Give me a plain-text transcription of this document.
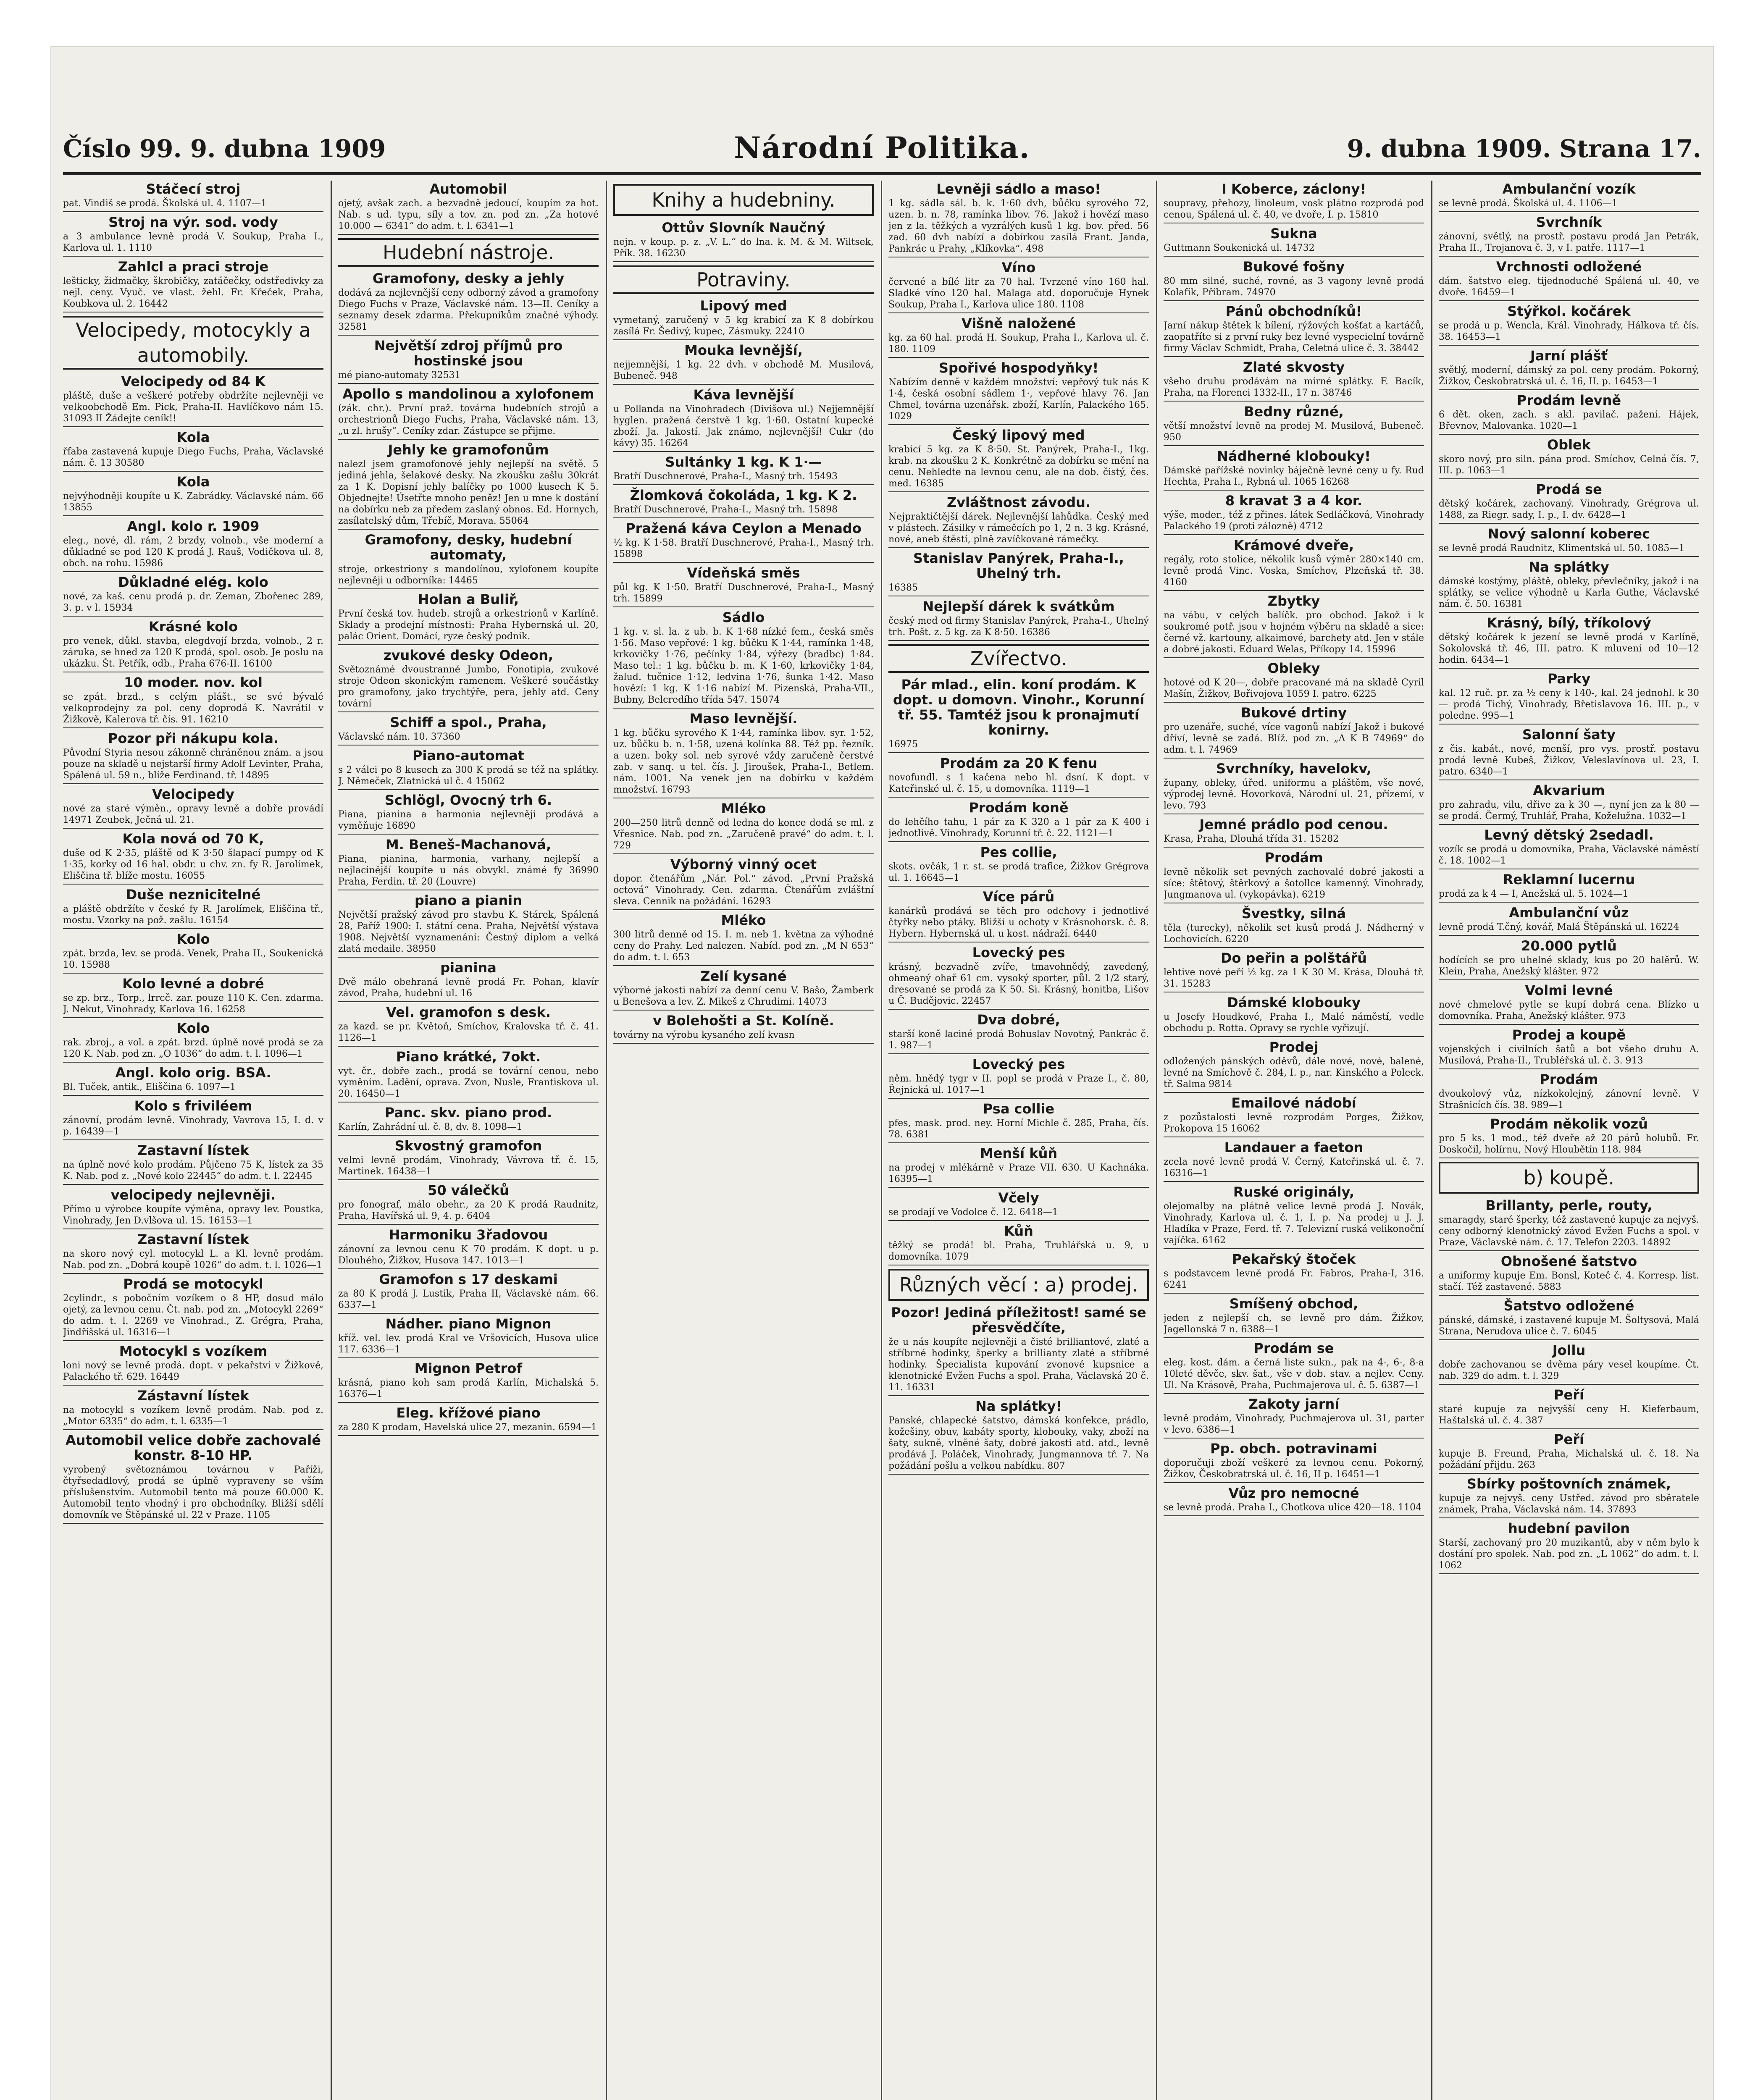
Číslo 99. 9. dubna 1909	Národní Politika.	9. dubna 1909. Strana 17.
Stáčecí stroj

pat. Vindiš se prodá. Školská ul. 4. 1107—1

Stroj na výr. sod. vody

a 3 ambulance levně prodá V. Soukup, Praha I., Karlova ul. 1. 1110

Zahlcl a praci stroje

lešticky, židmačky, škrobičky, zatáčečky, odstředivky za nejl. ceny. Vyuč. ve vlast. žehl. Fr. Křeček, Praha, Koubkova ul. 2. 16442

Velocipedy, motocykly a automobily.
Velocipedy od 84 K

pláště, duše a veškeré potřeby obdržíte nejlevněji ve velkoobchodě Em. Pick, Praha-II. Havlíčkovo nám 15. 31093 II Žádejte ceník!!

Kola

řfaba zastavená kupuje Diego Fuchs, Praha, Václavské nám. č. 13 30580

Kola

nejvýhodněji koupíte u K. Zabrádky. Václavské nám. 66 13855

Angl. kolo r. 1909

eleg., nové, dl. rám, 2 brzdy, volnob., vše moderní a důkladné se pod 120 K prodá J. Rauš, Vodičkova ul. 8, obch. na rohu. 15986

Důkladné elég. kolo

nové, za kaš. cenu prodá p. dr. Zeman, Zbořenec 289, 3. p. v l. 15934

Krásné kolo

pro venek, důkl. stavba, elegdvojí brzda, volnob., 2 r. záruka, se hned za 120 K prodá, spol. osob. Je poslu na ukázku. Št. Petřík, odb., Praha 676-II. 16100

10 moder. nov. kol

se zpát. brzd., s celým plášt., se své bývalé velkoprodejny za pol. ceny doprodá K. Navrátil v Žižkově, Kalerova tř. čís. 91. 16210

Pozor při nákupu kola.

Původní Styria nesou zákonně chráněnou znám. a jsou pouze na skladě u nejstarší firmy Adolf Levinter, Praha, Spálená ul. 59 n., blíže Ferdinand. tř. 14895

Velocipedy

nové za staré výměn., opravy levně a dobře provádí 14971 Zeubek, Ječná ul. 21.

Kola nová od 70 K,

duše od K 2·35, pláště od K 3·50 šlapací pumpy od K 1·35, korky od 16 hal. obdr. u chv. zn. fy R. Jarolímek, Eliščina tř. blíže mostu. 16055

Duše neznicitelné

a pláště obdržíte v české fy R. Jarolímek, Eliščina tř., mostu. Vzorky na pož. zašlu. 16154

Kolo

zpát. brzda, lev. se prodá. Venek, Praha II., Soukenická 10. 15988

Kolo levné a dobré

se zp. brz., Torp., lrrcč. zar. pouze 110 K. Cen. zdarma. J. Nekut, Vinohrady, Karlova 16. 16258

Kolo

rak. zbroj., a vol. a zpát. brzd. úplně nové prodá se za 120 K. Nab. pod zn. „O 1036“ do adm. t. l. 1096—1

Angl. kolo orig. BSA.

Bl. Tuček, antik., Eliščina 6. 1097—1

Kolo s friviléem

zánovní, prodám levně. Vinohrady, Vavrova 15, I. d. v p. 16439—1

Zastavní lístek

na úplně nové kolo prodám. Půjčeno 75 K, lístek za 35 K. Nab. pod z. „Nové kolo 22445“ do adm. t. l. 22445

velocipedy nejlevněji.

Přímo u výrobce koupíte výměna, opravy lev. Poustka, Vinohrady, Jen D.vlšova ul. 15. 16153—1

Zastavní lístek

na skoro nový cyl. motocykl L. a Kl. levně prodám. Nab. pod zn. „Dobrá koupě 1026“ do adm. t. l. 1026—1

Prodá se motocykl

2cylindr., s pobočním vozíkem o 8 HP, dosud málo ojetý, za levnou cenu. Čt. nab. pod zn. „Motocykl 2269“ do adm. t. l. 2269 ve Vinohrad., Z. Grégra, Praha, Jindřišská ul. 16316—1

Motocykl s vozíkem

loni nový se levně prodá. dopt. v pekařství v Žižkově, Palackého tř. 629. 16449

Zástavní lístek

na motocykl s vozíkem levně prodám. Nab. pod z. „Motor 6335“ do adm. t. l. 6335—1

Automobil velice dobře zachovalé konstr. 8-10 HP.

vyrobený světoznámou továrnou v Paříži, čtyřsedadlový, prodá se úplně vypraveny se vším příslušenstvím. Automobil tento má pouze 60.000 K. Automobil tento vhodný i pro obchodníky. Bližší sdělí domovník ve Štěpánské ul. 22 v Praze. 1105

Automobil

ojetý, avšak zach. a bezvadně jedoucí, koupím za hot. Nab. s ud. typu, síly a tov. zn. pod zn. „Za hotové 10.000 — 6341“ do adm. t. l. 6341—1

Hudební nástroje.
Gramofony, desky a jehly

dodává za nejlevnější ceny odborný závod a gramofony Diego Fuchs v Praze, Václavské nám. 13—II. Ceníky a seznamy desek zdarma. Překupníkům značné výhody. 32581

Největší zdroj příjmů pro hostinské jsou

mé piano-automaty 32531

Apollo s mandolinou a xylofonem

(zák. chr.). První praž. továrna hudebních strojů a orchestrionů Diego Fuchs, Praha, Václavské nám. 13, „u zl. hrušy“. Ceníky zdar. Zástupce se přijme.

Jehly ke gramofonům

nalezl jsem gramofonové jehly nejlepší na světě. 5 jediná jehla, šelakové desky. Na zkoušku zašlu 30krát za 1 K. Dopisní jehly balíčky po 1000 kusech K 5. Objednejte! Úsetřte mnoho peněz! Jen u mne k dostání na dobírku neb za předem zaslaný obnos. Ed. Hornych, zasílatelský dům, Třebíč, Morava. 55064

Gramofony, desky, hudební automaty,

stroje, orkestriony s mandolínou, xylofonem koupíte nejlevněji u odborníka: 14465

Holan a Buliř,

První česká tov. hudeb. strojů a orkestrionů v Karlíně. Sklady a prodejní místnosti: Praha Hybernská ul. 20, palác Orient. Domácí, ryze český podnik.

zvukové desky Odeon,

Světoznámé dvoustranné Jumbo, Fonotipia, zvukové stroje Odeon skonickým ramenem. Veškeré součástky pro gramofony, jako trychtýře, pera, jehly atd. Ceny tovární

Schiff a spol., Praha,

Václavské nám. 10. 37360

Piano-automat

s 2 válci po 8 kusech za 300 K prodá se též na splátky. J. Němeček, Zlatnická ul č. 4 15062

Schlögl, Ovocný trh 6.

Piana, pianina a harmonia nejlevněji prodává a vyměňuje 16890

M. Beneš-Machanová,

Piana, pianina, harmonia, varhany, nejlepší a nejlacinější koupíte u nás obvykl. známé fy 36990 Praha, Ferdin. tř. 20 (Louvre)

piano a pianin

Největší pražský závod pro stavbu K. Stárek, Spálená 28, Paříž 1900: I. státní cena. Praha, Největší výstava 1908. Největší vyznamenání: Čestný diplom a velká zlatá medaile. 38950

pianina

Dvě málo obehraná levně prodá Fr. Pohan, klavír závod, Praha, hudební ul. 16

Vel. gramofon s desk.

za kazd. se pr. Květoň, Smíchov, Kralovska tř. č. 41. 1126—1

Piano krátké, 7okt.

vyt. čr., dobře zach., prodá se tovární cenou, nebo vyměním. Ladění, oprava. Zvon, Nusle, Frantiskova ul. 20. 16450—1

Panc. skv. piano prod.

Karlín, Zahrádní ul. č. 8, dv. 8. 1098—1

Skvostný gramofon

velmi levně prodám, Vinohrady, Vávrova tř. č. 15, Martinek. 16438—1

50 válečků

pro fonograf, málo obehr., za 20 K prodá Raudnitz, Praha, Havířská ul. 9, 4. p. 6404

Harmoniku 3řadovou

zánovní za levnou cenu K 70 prodám. K dopt. u p. Dlouhého, Žižkov, Husova 147. 1013—1

Gramofon s 17 deskami

za 80 K prodá J. Lustik, Praha II, Václavské nám. 66. 6337—1

Nádher. piano Mignon

kříž. vel. lev. prodá Kral ve Vršovicích, Husova ulice 117. 6336—1

Mignon Petrof

krásná, piano koh sam prodá Karlín, Michalská 5. 16376—1

Eleg. křížové piano

za 280 K prodam, Havelská ulice 27, mezanin. 6594—1

Knihy a hudebniny.
Ottův Slovník Naučný

nejn. v koup. p. z. „V. L.“ do lna. k. M. & M. Wiltsek, Přík. 38. 16230

Potraviny.
Lipový med

vymetaný, zaručený v 5 kg krabicí za K 8 dobírkou zasílá Fr. Šedivý, kupec, Zásmuky. 22410

Mouka levnější,

nejjemnější, 1 kg. 22 dvh. v obchodě M. Musilová, Bubeneč. 948

Káva levnější

u Pollanda na Vinohradech (Divišova ul.) Nejjemnější hyglen. pražená čerstvě 1 kg. 1·60. Ostatní kupecké zboží. Ja. Jakostí. Jak známo, nejlevnější! Cukr (do kávy) 35. 16264

Sultánky 1 kg. K 1·—

Bratří Duschnerové, Praha-I., Masný trh. 15493

Žlomková čokoláda, 1 kg. K 2.

Bratří Duschnerové, Praha-I., Masný trh. 15898

Pražená káva Ceylon a Menado

½ kg. K 1·58. Bratří Duschnerové, Praha-I., Masný trh. 15898

Vídeňská směs

půl kg. K 1·50. Bratří Duschnerové, Praha-I., Masný trh. 15899

Sádlo

1 kg. v. sl. la. z ub. b. K 1·68 nízké fem., česká směs 1·56. Maso vepřové: 1 kg. bůčku K 1·44, ramínka 1·48, krkovičky 1·76, pečínky 1·84, výřezy (bradbc) 1·84. Maso tel.: 1 kg. bůčku b. m. K 1·60, krkovičky 1·84, žalud. tučnice 1·12, ledvina 1·76, šunka 1·42. Maso hovězí: 1 kg. K 1·16 nabízí M. Pizenská, Praha-VII., Bubny, Belcredího třída 547. 15074

Maso levnější.

1 kg. bůčku syrového K 1·44, ramínka libov. syr. 1·52, uz. bůčku b. n. 1·58, uzená kolínka 88. Též pp. řezník. a uzen. boky sol. neb syrové vždy zaručeně čerstvé zab. v sanq. u tel. čís. J. Jiroušek, Praha-I., Betlem. nám. 1001. Na venek jen na dobírku v každém množství. 16793

Mléko

200—250 litrů denně od ledna do konce dodá se ml. z Vřesnice. Nab. pod zn. „Zaručeně pravé“ do adm. t. l. 729

Výborný vinný ocet

dopor. čtenářům „Nár. Pol.“ závod. „První Pražská octová“ Vinohrady. Cen. zdarma. Čtenářům zvláštní sleva. Cennik na požádání. 16293

Mléko

300 litrů denně od 15. I. m. neb 1. května za výhodné ceny do Prahy. Led nalezen. Nabíd. pod zn. „M N 653“ do adm. t. l. 653

Zelí kysané

výborné jakosti nabízí za denní cenu V. Bašo, Žamberk u Benešova a lev. Z. Mikeš z Chrudimi. 14073

v Bolehošti a St. Kolíně.

továrny na výrobu kysaného zelí kvasn

Levněji sádlo a maso!

1 kg. sádla sál. b. k. 1·60 dvh, bůčku syrového 72, uzen. b. n. 78, ramínka libov. 76. Jakož i hovězí maso jen z la. těžkých a vyzrálých kusů 1 kg. bov. před. 56 zad. 60 dvh nabízí a dobírkou zasílá Frant. Janda, Pankrác u Prahy, „Klíkovka“. 498

Víno

červené a bílé litr za 70 hal. Tvrzené víno 160 hal. Sladké víno 120 hal. Malaga atd. doporučuje Hynek Soukup, Praha I., Karlova ulice 180. 1108

Višně naložené

kg. za 60 hal. prodá H. Soukup, Praha I., Karlova ul. č. 180. 1109

Spořivé hospodyňky!

Nabízím denně v každém množství: vepřový tuk nás K 1·4, česká osobní sádlem 1·, vepřové hlavy 76. Jan Chmel, továrna uzenářsk. zboží, Karlín, Palackého 165. 1029

Český lipový med

krabicí 5 kg. za K 8·50. St. Panýrek, Praha-I., 1kg. krab. na zkoušku 2 K. Konkrétně za dobírku se mění na cenu. Nehledte na levnou cenu, ale na dob. čistý, čes. med. 16385

Zvláštnost závodu.

Nejpraktičtější dárek. Nejlevnější lahůdka. Český med v plástech. Zásilky v rámečcích po 1, 2 n. 3 kg. Krásné, nové, aneb štěstí, plně zavíčkované rámečky.

Stanislav Panýrek, Praha-I., Uhelný trh.

16385

Nejlepší dárek k svátkům

český med od firmy Stanislav Panýrek, Praha-I., Uhelný trh. Pošt. z. 5 kg. za K 8·50. 16386

Zvířectvo.
Pár mlad., elin. koní prodám. K dopt. u domovn. Vinohr., Korunní tř. 55. Tamtéž jsou k pronajmutí konirny.

16975

Prodám za 20 K fenu

novofundl. s 1 kačena nebo hl. dsní. K dopt. v Kateřinské ul. č. 15, u domovníka. 1119—1

Prodám koně

do lehčího tahu, 1 pár za K 320 a 1 pár za K 400 i jednotlivě. Vinohrady, Korunní tř. č. 22. 1121—1

Pes collie,

skots. ovčák, 1 r. st. se prodá trafice, Žižkov Grégrova ul. 1. 16645—1

Více párů

kanárků prodává se těch pro odchovy i jednotlivé čtyřky nebo ptáky. Bližší u ochoty v Krásnohorsk. č. 8. Hybern. Hybernská ul. u kost. nádraží. 6440

Lovecký pes

krásný, bezvadně zvíře, tmavohnědý, zavedený, ohmeaný ohař 61 cm. vysoký sporter, půl. 2 1/2 starý, dresované se prodá za K 50. Si. Krásný, honitba, Lišov u Č. Budějovic. 22457

Dva dobré,

starší koně laciné prodá Bohuslav Novotný, Pankrác č. 1. 987—1

Lovecký pes

něm. hnědý tygr v II. popl se prodá v Praze I., č. 80, Řejnická ul. 1017—1

Psa collie

pfes, mask. prod. ney. Horní Michle č. 285, Praha, čís. 78. 6381

Menší kůň

na prodej v mlékárně v Praze VII. 630. U Kachnáka. 16395—1

Včely

se prodají ve Vodolce č. 12. 6418—1

Kůň

těžký se prodá! bl. Praha, Truhlářská u. 9, u domovníka. 1079

Různých věcí : a) prodej.
Pozor! Jediná příležitost! samé se přesvědčíte,

že u nás koupíte nejlevněji a čisté brilliantové, zlaté a stříbrné hodinky, šperky a brillianty zlaté a stříbrné hodinky. Špecialista kupování zvonové kupsnice a klenotnické Evžen Fuchs a spol. Praha, Václavská 20 č. 11. 16331

Na splátky!

Panské, chlapecké šatstvo, dámská konfekce, prádlo, kožešiny, obuv, kabáty sporty, klobouky, vaky, zboží na šaty, sukně, vlněné šaty, dobré jakosti atd. atd., levně prodává J. Poláček, Vinohrady, Jungmannova tř. 7. Na požádání pošlu a velkou nabídku. 807

I Koberce, záclony!

soupravy, přehozy, linoleum, vosk plátno rozprodá pod cenou, Spálená ul. č. 40, ve dvoře, I. p. 15810

Sukna

Guttmann Soukenická ul. 14732

Bukové fošny

80 mm silné, suché, rovné, as 3 vagony levně prodá Kolafík, Příbram. 74970

Pánů obchodníků!

Jarní nákup štětek k bílení, rýžových košťat a kartáčů, zaopatříte si z první ruky bez levné vyspecielní továrně firmy Václav Schmidt, Praha, Celetná ulice č. 3. 38442

Zlaté skvosty

všeho druhu prodávám na mírné splátky. F. Bacík, Praha, na Florenci 1332-II., 17 n. 38746

Bedny různé,

větší množství levně na prodej M. Musilová, Bubeneč. 950

Nádherné klobouky!

Dámské pařížské novinky báječně levné ceny u fy. Rud Hechta, Praha I., Rybná ul. 1065 16268

8 kravat 3 a 4 kor.

výše, moder., též z přines. látek Sedláčková, Vinohrady Palackého 19 (proti zálozně) 4712

Krámové dveře,

regály, roto stolice, několik kusů výměr 280×140 cm. levně prodá Vinc. Voska, Smíchov, Plzeňská tř. 38. 4160

Zbytky

na vábu, v celých balíčk. pro obchod. Jakož i k soukromé potř. jsou v hojném výběru na skladě a sice: černé vž. kartouny, alkaimové, barchety atd. Jen v stále a dobré jakosti. Eduard Welas, Příkopy 14. 15996

Obleky

hotové od K 20—, dobře pracované má na skladě Cyril Mašín, Žižkov, Bořivojova 1059 I. patro. 6225

Bukové drtiny

pro uzenáře, suché, více vagonů nabízí Jakož i bukové dříví, levně se zadá. Blíž. pod zn. „A K B 74969“ do adm. t. l. 74969

Svrchníky, havelokv,

župany, obleky, úřed. uniformu a pláštěm, vše nové, výprodej levně. Hovorková, Národní ul. 21, přízemí, v levo. 793

Jemné prádlo pod cenou.

Krasa, Praha, Dlouhá třída 31. 15282

Prodám

levně několik set pevných zachovalé dobré jakosti a síce: štětový, štěrkový a šotollce kamenný. Vinohrady, Jungmanova ul. (vykopávka). 6219

Švestky, silná

těla (turecky), několik set kusů prodá J. Nádherný v Lochovicích. 6220

Do peřin a polštářů

lehtive nové peří ½ kg. za 1 K 30 M. Krása, Dlouhá tř. 31. 15283

Dámské klobouky

u Josefy Houdkové, Praha I., Malé náměstí, vedle obchodu p. Rotta. Opravy se rychle vyřizují.

Prodej

odložených pánských oděvů, dále nové, nové, balené, levné na Smíchově č. 284, I. p., nar. Kinského a Poleck. tř. Salma 9814

Emailové nádobí

z pozůstalosti levně rozprodám Porges, Žižkov, Prokopova 15 16062

Landauer a faeton

zcela nové levně prodá V. Černý, Kateřinská ul. č. 7. 16316—1

Ruské originály,

olejomalby na plátně velice levně prodá J. Novák, Vinohrady, Karlova ul. č. 1, I. p. Na prodej u J. J. Hladíka v Praze, Ferd. tř. 7. Televizní ruská velikonoční vajíčka. 6162

Pekařský štoček

s podstavcem levně prodá Fr. Fabros, Praha-I, 316. 6241

Smíšený obchod,

jeden z nejlepší ch, se levně pro dám. Žižkov, Jagellonská 7 n. 6388—1

Prodám se

eleg. kost. dám. a černá liste sukn., pak na 4-, 6-, 8-a 10leté děvče, skv. šat., vše v dob. stav. a nejlev. Ceny. Ul. Na Krásově, Praha, Puchmajerova ul. č. 5. 6387—1

Zakoty jarní

levně prodám, Vinohrady, Puchmajerova ul. 31, parter v levo. 6386—1

Pp. obch. potravinami

doporučuji zboží veškeré za levnou cenu. Pokorný, Žižkov, Českobratrská ul. č. 16, II p. 16451—1

Vůz pro nemocné

se levně prodá. Praha I., Chotkova ulice 420—18. 1104

Ambulanční vozík

se levně prodá. Školská ul. 4. 1106—1

Svrchník

zánovní, světlý, na prostř. postavu prodá Jan Petrák, Praha II., Trojanova č. 3, v I. patře. 1117—1

Vrchnosti odložené

dám. šatstvo eleg. tijednoduché Spálená ul. 40, ve dvoře. 16459—1

Stýřkol. kočárek

se prodá u p. Wencla, Král. Vinohrady, Hálkova tř. čís. 38. 16453—1

Jarní plášť

světlý, moderní, dámský za pol. ceny prodám. Pokorný, Žižkov, Českobratrská ul. č. 16, II. p. 16453—1

Prodám levně

6 dět. oken, zach. s akl. pavilač. pažení. Hájek, Břevnov, Malovanka. 1020—1

Oblek

skoro nový, pro siln. pána prod. Smíchov, Celná čís. 7, III. p. 1063—1

Prodá se

dětský kočárek, zachovaný. Vinohrady, Grégrova ul. 1488, za Riegr. sady, I. p., I. dv. 6428—1

Nový salonní koberec

se levně prodá Raudnitz, Klimentská ul. 50. 1085—1

Na splátky

dámské kostýmy, pláště, obleky, převlečníky, jakož i na splátky, se velice výhodně u Karla Guthe, Václavské nám. č. 50. 16381

Krásný, bílý, tříkolový

dětský kočárek k jezení se levně prodá v Karlíně, Sokolovská tř. 46, III. patro. K mluvení od 10—12 hodin. 6434—1

Parky

kal. 12 ruč. pr. za ½ ceny k 140-, kal. 24 jednohl. k 30— prodá Tichý, Vinohrady, Břetislavova 16. III. p., v poledne. 995—1

Salonní šaty

z čis. kabát., nové, menší, pro vys. prostř. postavu prodá levně Kubeš, Žižkov, Veleslavínova ul. 23, I. patro. 6340—1

Akvarium

pro zahradu, vilu, dřive za k 30 —, nyní jen za k 80 — se prodá. Čermý, Truhlář, Praha, Koželužna. 1032—1

Levný dětský 2sedadl.

vozík se prodá u domovníka, Praha, Václavské náměstí č. 18. 1002—1

Reklamní lucernu

prodá za k 4 — I, Anežská ul. 5. 1024—1

Ambulanční vůz

levně prodá T.čný, kovář, Malá Štěpánská ul. 16224

20.000 pytlů

hodících se pro uhelné sklady, kus po 20 halěrů. W. Klein, Praha, Anežský klášter. 972

Volmi levné

nové chmelové pytle se kupí dobrá cena. Blízko u domovníka. Praha, Anežský klášter. 973

Prodej a koupě

vojenských i civilních šatů a bot všeho druhu A. Musilová, Praha-II., Trubléřská ul. č. 3. 913

Prodám

dvoukolový vůz, nízkokolejný, zánovní levně. V Strašnicích čís. 38. 989—1

Prodám několik vozů

pro 5 ks. 1 mod., též dveře až 20 párů holubů. Fr. Doskočil, holírnu, Nový Hloubětín 118. 984

b) koupě.
Brillanty, perle, routy,

smaragdy, staré šperky, též zastavené kupuje za nejvyš. ceny odborný klenotnický závod Evžen Fuchs a spol. v Praze, Václavské nám. č. 17. Telefon 2203. 14892

Obnošené šatstvo

a uniformy kupuje Em. Bonsl, Koteč č. 4. Korresp. líst. stačí. Též zastavené. 5883

Šatstvo odložené

pánské, dámské, i zastavené kupuje M. Šoltysová, Malá Strana, Nerudova ulice č. 7. 6045

Jollu

dobře zachovanou se dvěma páry vesel koupíme. Čt. nab. 329 do adm. t. l. 329

Peří

staré kupuje za nejvyšší ceny H. Kieferbaum, Haštalská ul. č. 4. 387

Peří

kupuje B. Freund, Praha, Michalská ul. č. 18. Na požádání přijdu. 263

Sbírky poštovních známek,

kupuje za nejvyš. ceny Ustřed. závod pro sběratele známek, Praha, Václavská nám. 14. 37893

hudební pavilon

Starší, zachovaný pro 20 muzikantů, aby v něm bylo k dostání pro spolek. Nab. pod zn. „L 1062“ do adm. t. l. 1062
